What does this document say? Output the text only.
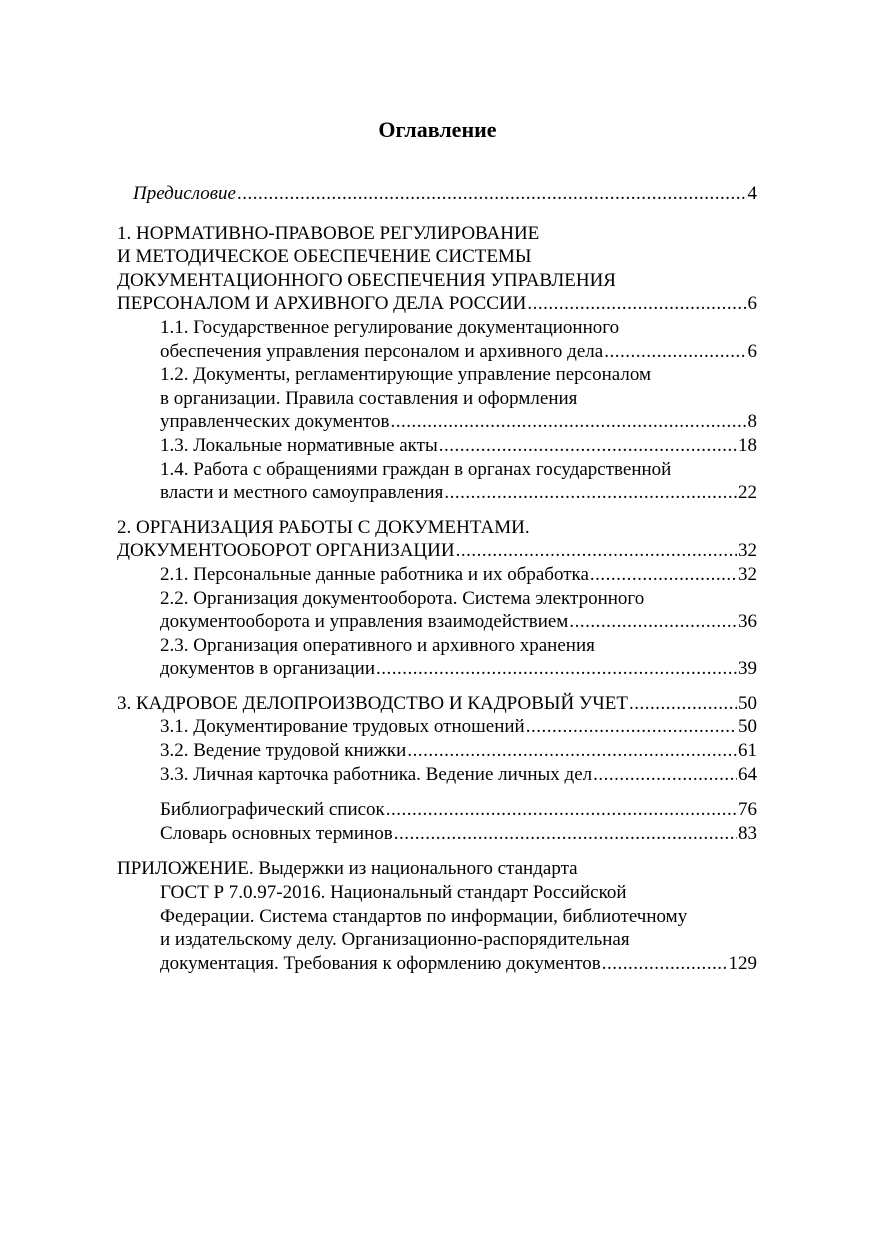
Оглавление
Предисловие .....	4
1. НОРМАТИВНО-ПРАВОВОЕ РЕГУЛИРОВАНИЕ
И МЕТОДИЧЕСКОЕ ОБЕСПЕЧЕНИЕ СИСТЕМЫ
ДОКУМЕНТАЦИОННОГО ОБЕСПЕЧЕНИЯ УПРАВЛЕНИЯ
ПЕРСОНАЛОМ И АРХИВНОГО ДЕЛА РОССИИ .....	6
1.1. Государственное регулирование документационного
обеспечения управления персоналом и архивного дела .....	6
1.2. Документы, регламентирующие управление персоналом
в организации. Правила составления и оформления
управленческих документов .....	8
1.3. Локальные нормативные акты .....	18
1.4. Работа с обращениями граждан в органах государственной
власти и местного самоуправления .....	22
2. ОРГАНИЗАЦИЯ РАБОТЫ С ДОКУМЕНТАМИ.
ДОКУМЕНТООБОРОТ ОРГАНИЗАЦИИ .....	32
2.1. Персональные данные работника и их обработка .....	32
2.2. Организация документооборота. Система электронного
документооборота и управления взаимодействием .....	36
2.3. Организация оперативного и архивного хранения
документов в организации .....	39
3. КАДРОВОЕ ДЕЛОПРОИЗВОДСТВО И КАДРОВЫЙ УЧЕТ .....	50
3.1. Документирование трудовых отношений .....	50
3.2. Ведение трудовой книжки .....	61
3.3. Личная карточка работника. Ведение личных дел .....	64
Библиографический список .....	76
Словарь основных терминов .....	83
ПРИЛОЖЕНИЕ. Выдержки из национального стандарта
ГОСТ Р 7.0.97-2016. Национальный стандарт Российской
Федерации. Система стандартов по информации, библиотечному
и издательскому делу. Организационно-распорядительная
документация. Требования к оформлению документов .....	129
